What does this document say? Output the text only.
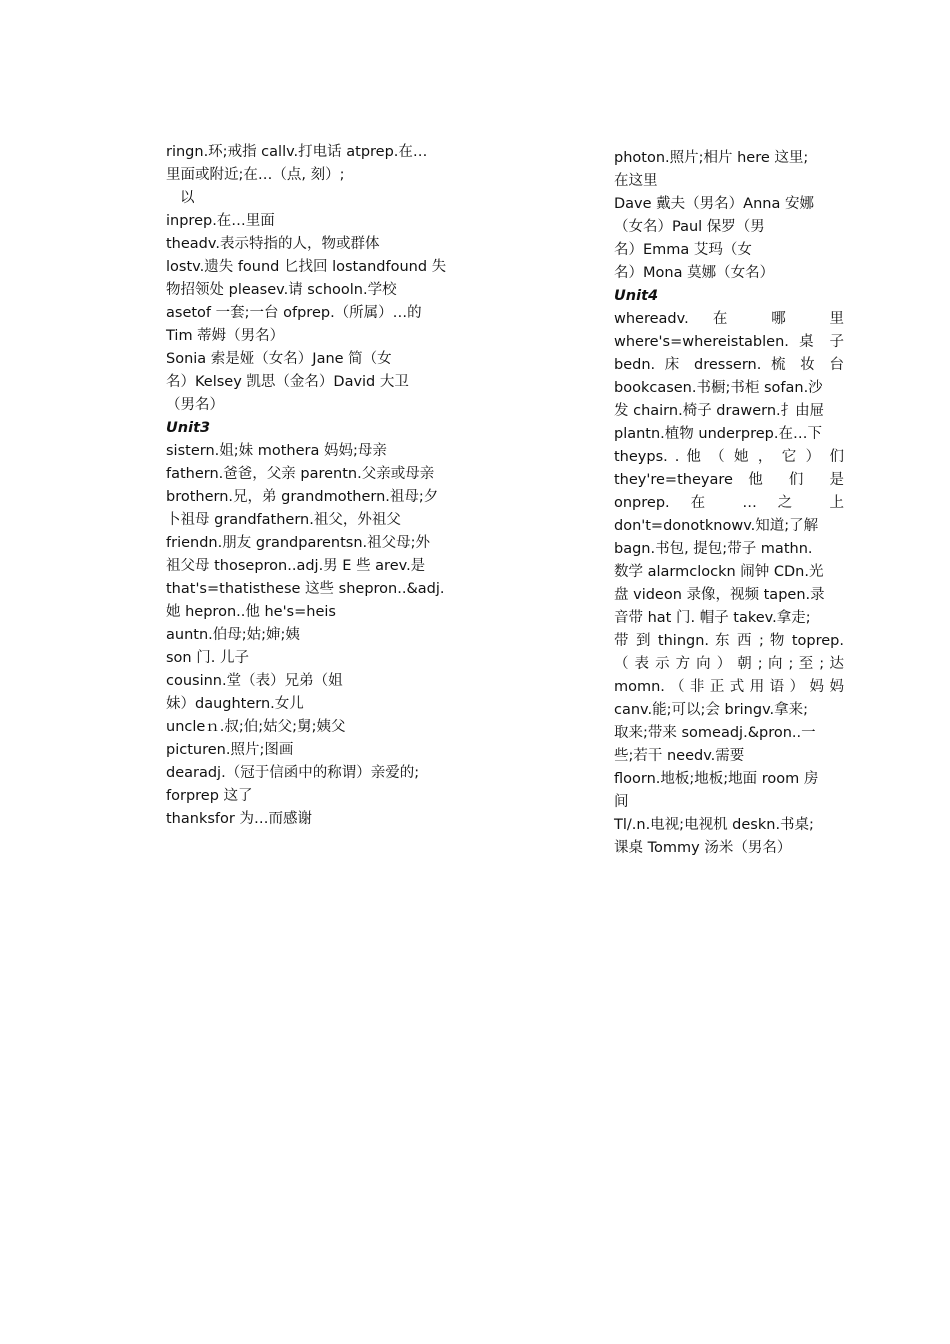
ringn.环;戒指 callv.打电话 atprep.在…
里面或附近;在…（点, 刻）;
以
inprep.在…里面
theadv.表示特指的人，物或群体
lostv.遗失 found 匕找回 lostandfound 失
物招领处 pleasev.请 schooln.学校
asetof 一套;一台 ofprep.（所属）…的
Tim 蒂姆（男名）
Sonia 索是娅（女名）Jane 简（女
名）Kelsey 凯思（金名）David 大卫
（男名）
Unit3
sistern.姐;妹 mothera 妈妈;母亲
fathern.爸爸，父亲 parentn.父亲或母亲
brothern.兄，弟 grandmothern.祖母;夕
卜祖母 grandfathern.祖父，外祖父
friendn.朋友 grandparentsn.祖父母;外
祖父母 thosepron..adj.男 E 些 arev.是
that's=thatisthese 这些 shepron..&adj.
她 hepron..他 he's=heis
auntn.伯母;姑;婶;姨
son 门. 儿子
cousinn.堂（表）兄弟（姐
妹）daughtern.女儿
uncleｎ.叔;伯;姑父;舅;姨父
picturen.照片;图画
dearadj.（冠于信函中的称谓）亲爱的;
forprep 这了
thanksfor 为…而感谢
photon.照片;相片 here 这里;
在这里
Dave 戴夫（男名）Anna 安娜
（女名）Paul 保罗（男
名）Emma 艾玛（女
名）Mona 莫娜（女名）
Unit4
whereadv. 在 哪 里
where's=whereistablen. 桌 子
bedn. 床 dressern. 梳 妆 台
bookcasen.书橱;书柜 sofan.沙
发 chairn.椅子 drawern.扌由屉
plantn.植物 underprep.在…下
theyps. . 他 （ 她 ， 它 ） 们
they're=theyare 他 们 是
onprep. 在 … 之 上
don't=donotknowv.知道;了解
bagn.书包, 提包;带子 mathn.
数学 alarmclockn 闹钟 CDn.光
盘 videon 录像，视频 tapen.录
音带 hat 门. 帽子 takev.拿走;
带 到 thingn. 东 西 ; 物 toprep.
（ 表 示 方 向 ） 朝 ; 向 ; 至 ; 达
momn. （ 非 正 式 用 语 ） 妈 妈
canv.能;可以;会 bringv.拿来;
取来;带来 someadj.&pron..一
些;若干 needv.需要
floorn.地板;地板;地面 room 房
间
Tl/.n.电视;电视机 deskn.书桌;
课桌 Tommy 汤米（男名）
